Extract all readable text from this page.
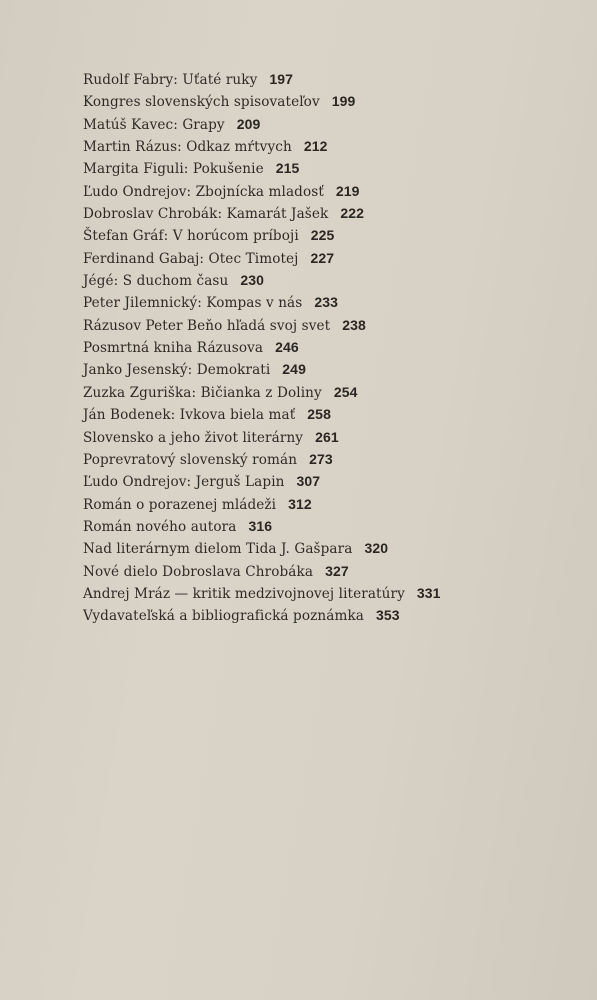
Rudolf Fabry: Uťaté ruky 197
Kongres slovenských spisovateľov 199
Matúš Kavec: Grapy 209
Martin Rázus: Odkaz mŕtvych 212
Margita Figuli: Pokušenie 215
Ľudo Ondrejov: Zbojnícka mladosť 219
Dobroslav Chrobák: Kamarát Jašek 222
Štefan Gráf: V horúcom príboji 225
Ferdinand Gabaj: Otec Timotej 227
Jégé: S duchom času 230
Peter Jilemnický: Kompas v nás 233
Rázusov Peter Beňo hľadá svoj svet 238
Posmrtná kniha Rázusova 246
Janko Jesenský: Demokrati 249
Zuzka Zguriška: Bičianka z Doliny 254
Ján Bodenek: Ivkova biela mať 258
Slovensko a jeho život literárny 261
Poprevratový slovenský román 273
Ľudo Ondrejov: Jerguš Lapin 307
Román o porazenej mládeži 312
Román nového autora 316
Nad literárnym dielom Tida J. Gašpara 320
Nové dielo Dobroslava Chrobáka 327
Andrej Mráz — kritik medzivojnovej literatúry 331
Vydavateľská a bibliografická poznámka 353
